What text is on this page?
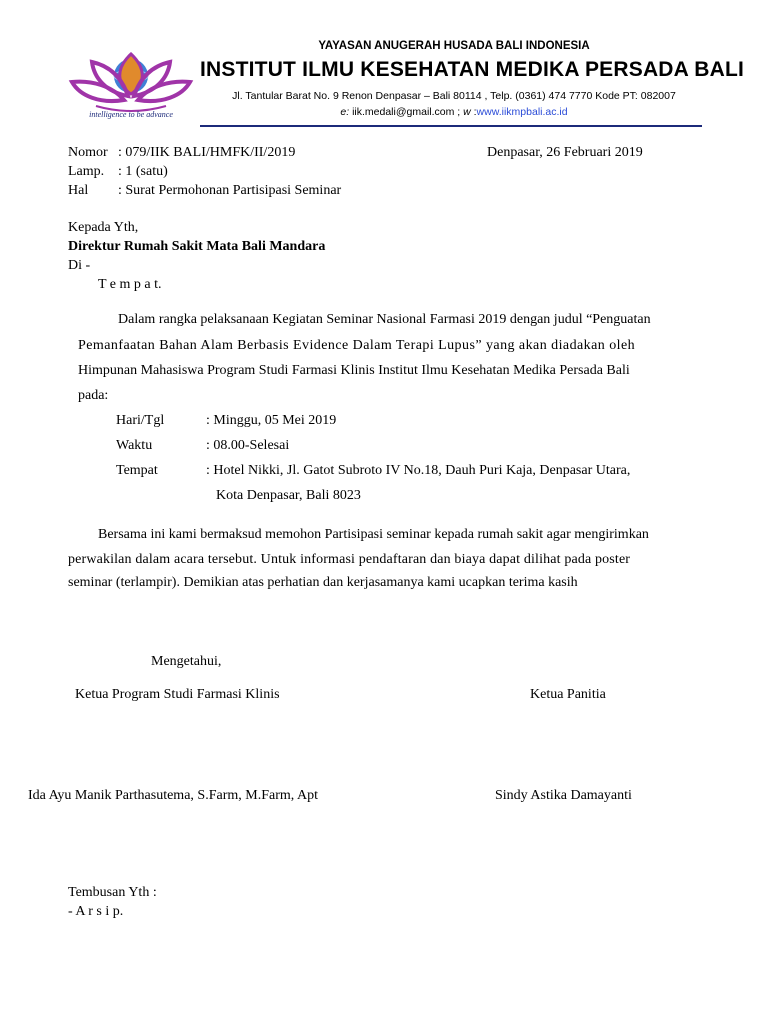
intelligence to be advance
YAYASAN ANUGERAH HUSADA BALI INDONESIA
INSTITUT ILMU KESEHATAN MEDIKA PERSADA BALI
Jl. Tantular Barat No. 9 Renon Denpasar – Bali 80114 , Telp. (0361) 474 7770 Kode PT: 082007
e: iik.medali@gmail.com ; w :www.iikmpbali.ac.id
Nomor : 079/IIK BALI/HMFK/II/2019
Lamp. : 1 (satu)
Hal : Surat Permohonan Partisipasi Seminar
Denpasar, 26 Februari 2019
Kepada Yth,
Direktur Rumah Sakit Mata Bali Mandara
Di -
T e m p a t.
Dalam rangka pelaksanaan Kegiatan Seminar Nasional Farmasi 2019 dengan judul “Penguatan
Pemanfaatan Bahan Alam Berbasis Evidence Dalam Terapi Lupus” yang akan diadakan oleh
Himpunan Mahasiswa Program Studi Farmasi Klinis Institut Ilmu Kesehatan Medika Persada Bali
pada:
Hari/Tgl	: Minggu, 05 Mei 2019
Waktu	: 08.00-Selesai
Tempat	: Hotel Nikki, Jl. Gatot Subroto IV No.18, Dauh Puri Kaja, Denpasar Utara,
Kota Denpasar, Bali 8023
Bersama ini kami bermaksud memohon Partisipasi seminar kepada rumah sakit agar mengirimkan
perwakilan dalam acara tersebut. Untuk informasi pendaftaran dan biaya dapat dilihat pada poster
seminar (terlampir). Demikian atas perhatian dan kerjasamanya kami ucapkan terima kasih
Mengetahui,
Ketua Program Studi Farmasi Klinis	Ketua Panitia
Ida Ayu Manik Parthasutema, S.Farm, M.Farm, Apt	Sindy Astika Damayanti
Tembusan Yth :
- A r s i p.
